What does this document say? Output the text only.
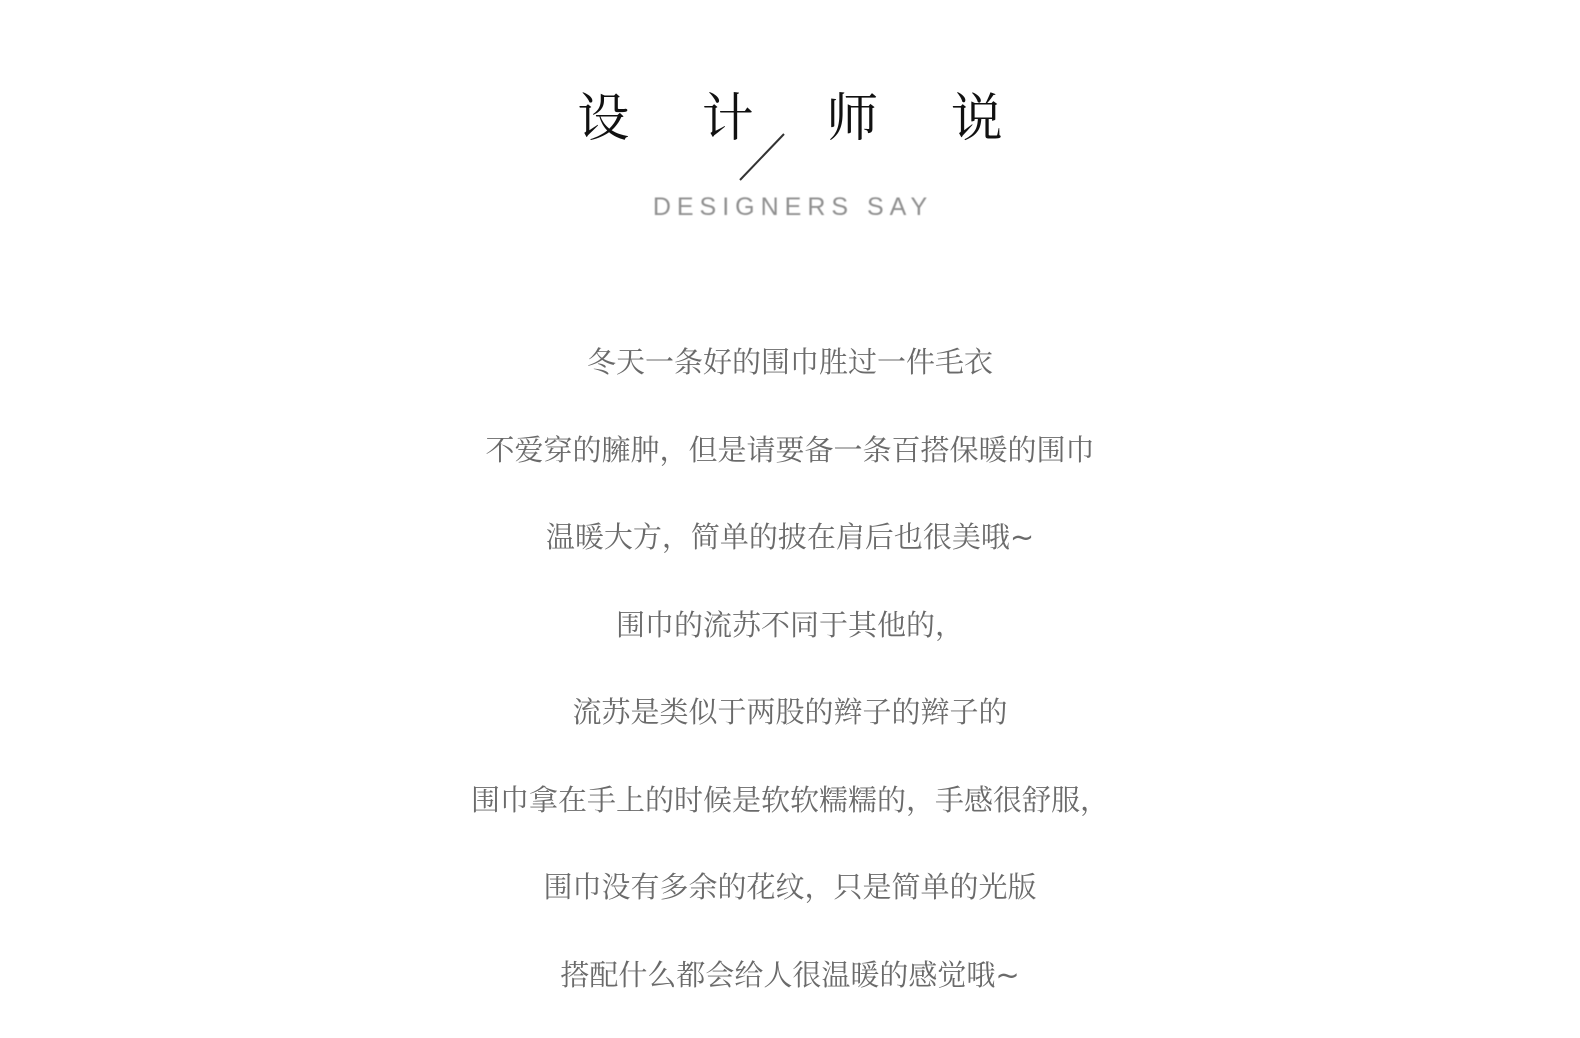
设 计 师 说
DESIGNERS SAY
冬天一条好的围巾胜过一件毛衣
不爱穿的臃肿，但是请要备一条百搭保暖的围巾
温暖大方，简单的披在肩后也很美哦~
围巾的流苏不同于其他的，
流苏是类似于两股的辫子的辫子的
围巾拿在手上的时候是软软糯糯的，手感很舒服，
围巾没有多余的花纹，只是简单的光版
搭配什么都会给人很温暖的感觉哦~
